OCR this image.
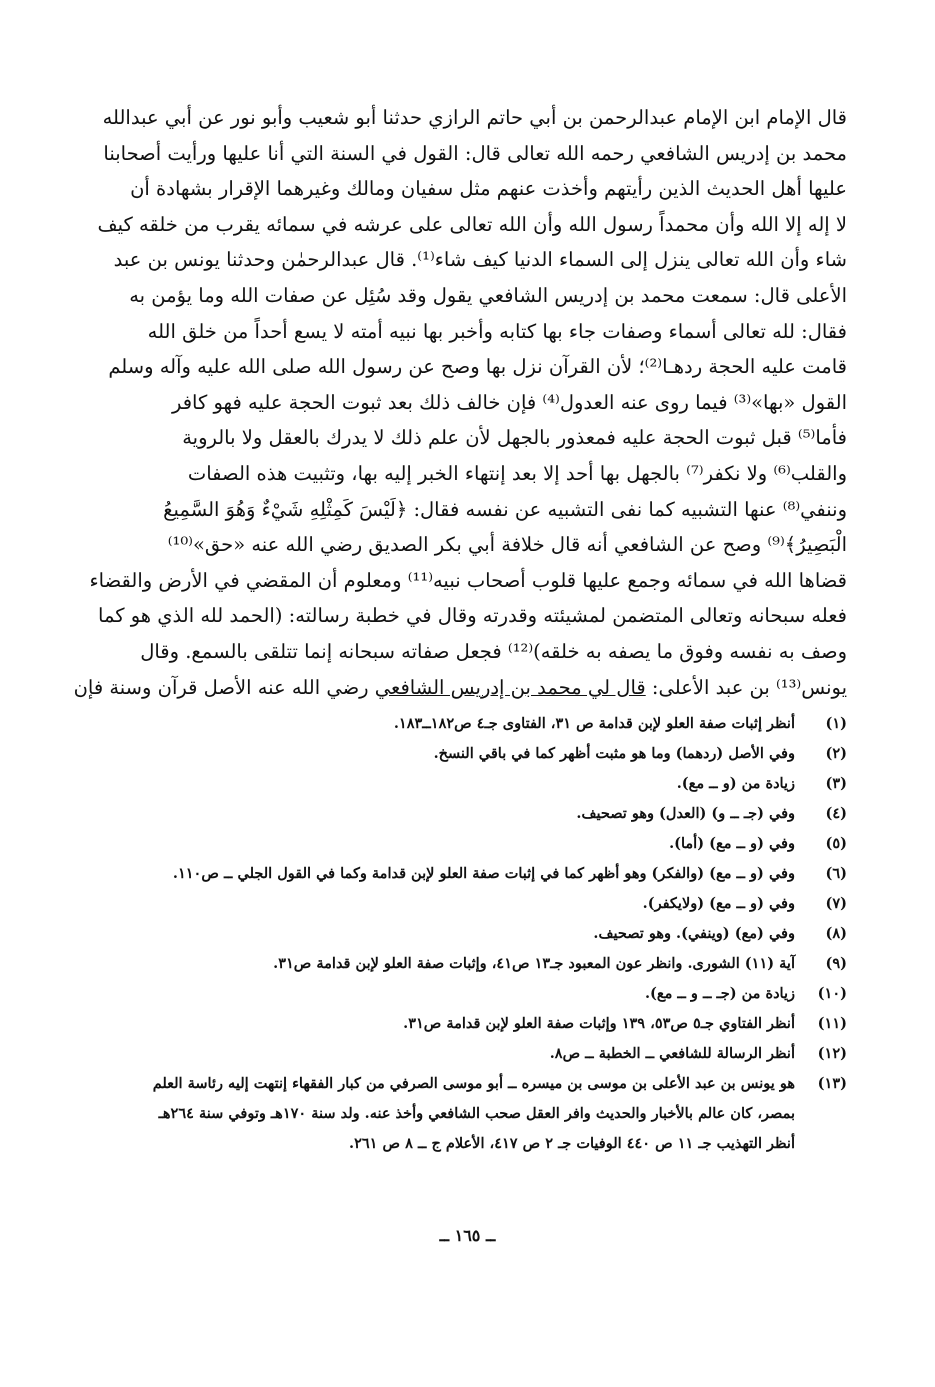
قال الإمام ابن الإمام عبدالرحمن بن أبي حاتم الرازي حدثنا أبو شعيب وأبو نور عن أبي عبدالله
محمد بن إدريس الشافعي رحمه الله تعالى قال: القول في السنة التي أنا عليها ورأيت أصحابنا
عليها أهل الحديث الذين رأيتهم وأخذت عنهم مثل سفيان ومالك وغيرهما الإقرار بشهادة أن
لا إله إلا الله وأن محمداً رسول الله وأن الله تعالى على عرشه في سمائه يقرب من خلقه كيف
شاء وأن الله تعالى ينزل إلى السماء الدنيا كيف شاء⁽¹⁾. قال عبدالرحمٰن وحدثنا يونس بن عبد
الأعلى قال: سمعت محمد بن إدريس الشافعي يقول وقد سُئِل عن صفات الله وما يؤمن به
فقال: لله تعالى أسماء وصفات جاء بها كتابه وأخبر بها نبيه أمته لا يسع أحداً من خلق الله
قامت عليه الحجة ردهـا⁽²⁾؛ لأن القرآن نزل بها وصح عن رسول الله صلى الله عليه وآله وسلم
القول «بها»⁽³⁾ فيما روى عنه العدول⁽⁴⁾ فإن خالف ذلك بعد ثبوت الحجة عليه فهو كافر
فأما⁽⁵⁾ قبل ثبوت الحجة عليه فمعذور بالجهل لأن علم ذلك لا يدرك بالعقل ولا بالروية
والقلب⁽⁶⁾ ولا نكفر⁽⁷⁾ بالجهل بها أحد إلا بعد إنتهاء الخبر إليه بها، وتثبيت هذه الصفات
وننفي⁽⁸⁾ عنها التشبيه كما نفى التشبيه عن نفسه فقال: ﴿لَيْسَ كَمِثْلِهِ شَيْءٌ وَهُوَ السَّمِيعُ
الْبَصِيرُ﴾⁽⁹⁾ وصح عن الشافعي أنه قال خلافة أبي بكر الصديق رضي الله عنه «حق»⁽¹⁰⁾
قضاها الله في سمائه وجمع عليها قلوب أصحاب نبيه⁽¹¹⁾ ومعلوم أن المقضي في الأرض والقضاء
فعله سبحانه وتعالى المتضمن لمشيئته وقدرته وقال في خطبة رسالته: (الحمد لله الذي هو كما
وصف به نفسه وفوق ما يصفه به خلقه)⁽¹²⁾ فجعل صفاته سبحانه إنما تتلقى بالسمع. وقال
يونس⁽¹³⁾ بن عبد الأعلى: قال لي محمد بن إدريس الشافعي رضي الله عنه الأصل قرآن وسنة فإن
(١)
أنظر إثبات صفة العلو لإبن قدامة ص ٣١، الفتاوى جـ٤ ص١٨٢ــ١٨٣.
(٢)
وفي الأصل (ردهما) وما هو مثبت أظهر كما في باقي النسخ.
(٣)
زيادة من (و ــ مع).
(٤)
وفي (جـ ــ و) (العدل) وهو تصحيف.
(٥)
وفي (و ــ مع) (أما).
(٦)
وفي (و ــ مع) (والفكر) وهو أظهر كما في إثبات صفة العلو لإبن قدامة وكما في القول الجلي ــ ص١١٠.
(٧)
وفي (و ــ مع) (ولايكفر).
(٨)
وفي (مع) (وينفي). وهو تصحيف.
(٩)
آية (١١) الشورى. وانظر عون المعبود جـ١٣ ص٤١، وإثبات صفة العلو لإبن قدامة ص٣١.
(١٠)
زيادة من (جـ ــ و ــ مع).
(١١)
أنظر الفتاوي جـ٥ ص٥٣، ١٣٩ وإثبات صفة العلو لإبن قدامة ص٣١.
(١٢)
أنظر الرسالة للشافعي ــ الخطبة ــ ص٨.
(١٣)
هو يونس بن عبد الأعلى بن موسى بن ميسره ــ أبو موسى الصرفي من كبار الفقهاء إنتهت إليه رئاسة العلم
بمصر، كان عالم بالأخبار والحديث وافر العقل صحب الشافعي وأخذ عنه. ولد سنة ١٧٠هـ وتوفي سنة ٢٦٤هـ
أنظر التهذيب جـ ١١ ص ٤٤٠ الوفيات جـ ٢ ص ٤١٧، الأعلام ج ــ ٨ ص ٢٦١.
ــ ١٦٥ ــ
